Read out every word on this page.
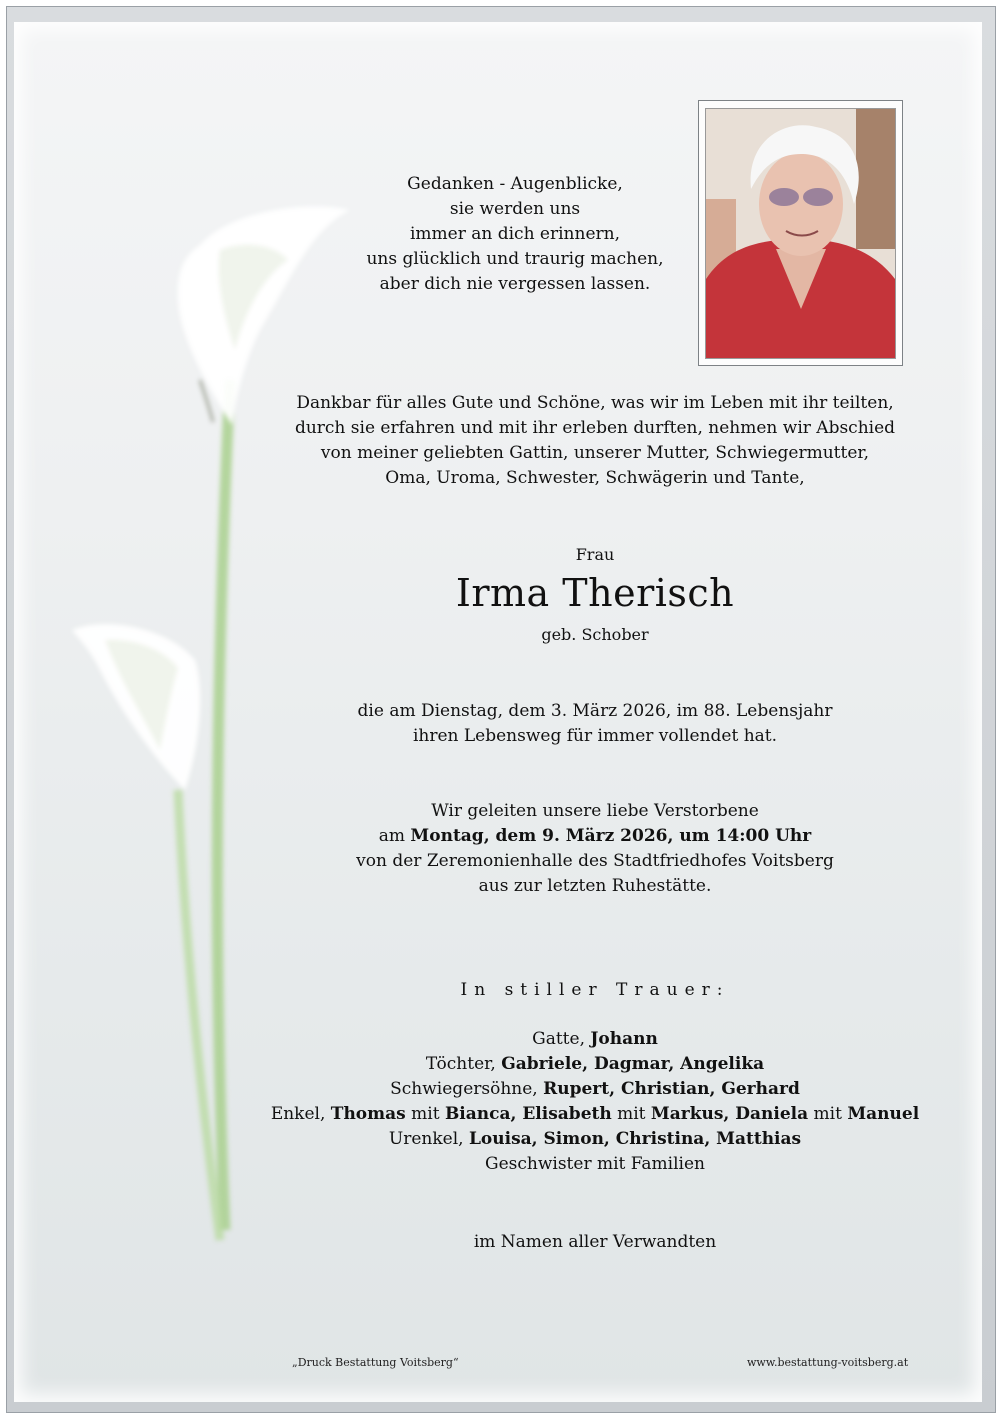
Gedanken - Augenblicke,
sie werden uns
immer an dich erinnern,
uns glücklich und traurig machen,
aber dich nie vergessen lassen.
Dankbar für alles Gute und Schöne, was wir im Leben mit ihr teilten,
durch sie erfahren und mit ihr erleben durften, nehmen wir Abschied
von meiner geliebten Gattin, unserer Mutter, Schwiegermutter,
Oma, Uroma, Schwester, Schwägerin und Tante,
Frau
Irma Therisch
geb. Schober
die am Dienstag, dem 3. März 2026, im 88. Lebensjahr
ihren Lebensweg für immer vollendet hat.
Wir geleiten unsere liebe Verstorbene
am Montag, dem 9. März 2026, um 14:00 Uhr
von der Zeremonienhalle des Stadtfriedhofes Voitsberg
aus zur letzten Ruhestätte.
In stiller Trauer:
Gatte, Johann
Töchter, Gabriele, Dagmar, Angelika
Schwiegersöhne, Rupert, Christian, Gerhard
Enkel, Thomas mit Bianca, Elisabeth mit Markus, Daniela mit Manuel
Urenkel, Louisa, Simon, Christina, Matthias
Geschwister mit Familien
im Namen aller Verwandten
„Druck Bestattung Voitsberg“	www.bestattung-voitsberg.at
